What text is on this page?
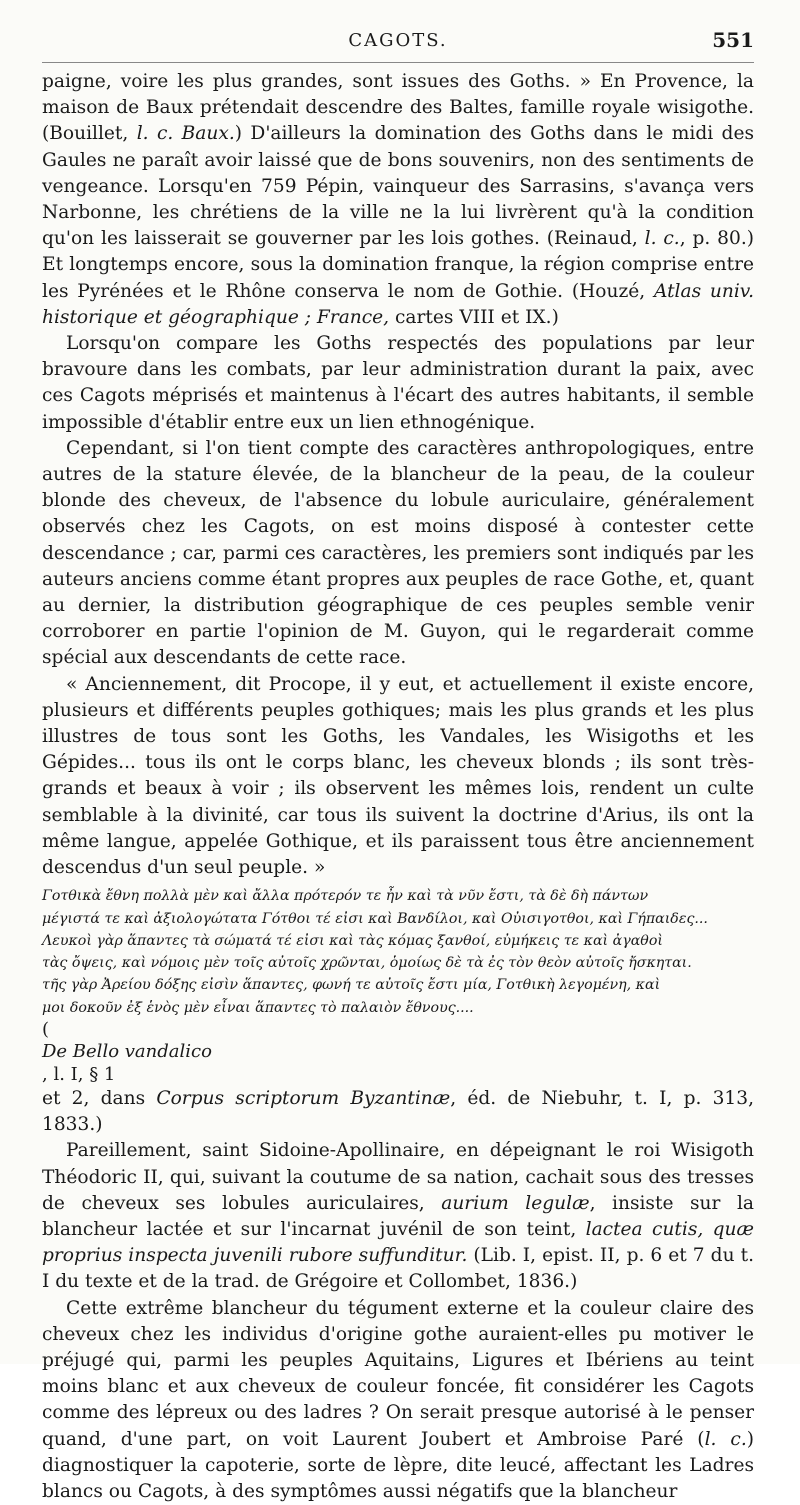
CAGOTS.	551

paigne, voire les plus grandes, sont issues des Goths. » En Provence, la maison de Baux prétendait descendre des Baltes, famille royale wisigothe. (Bouillet, l. c. Baux.) D'ailleurs la domination des Goths dans le midi des Gaules ne paraît avoir laissé que de bons souvenirs, non des sentiments de vengeance. Lorsqu'en 759 Pépin, vainqueur des Sarrasins, s'avança vers Narbonne, les chrétiens de la ville ne la lui livrèrent qu'à la condition qu'on les laisserait se gouverner par les lois gothes. (Reinaud, l. c., p. 80.) Et longtemps encore, sous la domination franque, la région comprise entre les Pyrénées et le Rhône conserva le nom de Gothie. (Houzé, Atlas univ. historique et géographique ; France, cartes VIII et IX.)

Lorsqu'on compare les Goths respectés des populations par leur bravoure dans les combats, par leur administration durant la paix, avec ces Cagots méprisés et maintenus à l'écart des autres habitants, il semble impossible d'établir entre eux un lien ethnogénique.

Cependant, si l'on tient compte des caractères anthropologiques, entre autres de la stature élevée, de la blancheur de la peau, de la couleur blonde des cheveux, de l'absence du lobule auriculaire, généralement observés chez les Cagots, on est moins disposé à contester cette descendance ; car, parmi ces caractères, les premiers sont indiqués par les auteurs anciens comme étant propres aux peuples de race Gothe, et, quant au dernier, la distribution géographique de ces peuples semble venir corroborer en partie l'opinion de M. Guyon, qui le regarderait comme spécial aux descendants de cette race.

« Anciennement, dit Procope, il y eut, et actuellement il existe encore, plusieurs et différents peuples gothiques; mais les plus grands et les plus illustres de tous sont les Goths, les Vandales, les Wisigoths et les Gépides... tous ils ont le corps blanc, les cheveux blonds ; ils sont très-grands et beaux à voir ; ils observent les mêmes lois, rendent un culte semblable à la divinité, car tous ils suivent la doctrine d'Arius, ils ont la même langue, appelée Gothique, et ils paraissent tous être anciennement descendus d'un seul peuple. »

Γοτθικὰ ἔθνη πολλὰ μὲν καὶ ἄλλα πρότερόν τε ἦν καὶ τὰ νῦν ἔστι, τὰ δὲ δὴ πάντων
μέγιστά τε καὶ ἀξιολογώτατα Γότθοι τέ εἰσι καὶ Βανδίλοι, καὶ Οὐισιγοτθοι, καὶ Γήπαιδες...
Λευκοὶ γὰρ ἅπαντες τὰ σώματά τέ εἰσι καὶ τὰς κόμας ξανθοί, εὐμήκεις τε καὶ ἀγαθοὶ
τὰς ὄψεις, καὶ νόμοις μὲν τοῖς αὐτοῖς χρῶνται, ὁμοίως δὲ τὰ ἐς τὸν θεὸν αὐτοῖς ἤσκηται.
τῆς γὰρ Ἀρείου δόξης εἰσὶν ἅπαντες, φωνή τε αὐτοῖς ἔστι μία, Γοτθικὴ λεγομένη, καὶ
μοι δοκοῦν ἐξ ἑνὸς μὲν εἶναι ἅπαντες τὸ παλαιὸν ἔθνους....
(
De Bello vandalico
, l. I, § 1

et 2, dans Corpus scriptorum Byzantinæ, éd. de Niebuhr, t. I, p. 313, 1833.)

Pareillement, saint Sidoine-Apollinaire, en dépeignant le roi Wisigoth Théodoric II, qui, suivant la coutume de sa nation, cachait sous des tresses de cheveux ses lobules auriculaires, aurium legulæ, insiste sur la blancheur lactée et sur l'incarnat juvénil de son teint, lactea cutis, quæ proprius inspecta juvenili rubore suffunditur. (Lib. I, epist. II, p. 6 et 7 du t. I du texte et de la trad. de Grégoire et Collombet, 1836.)

Cette extrême blancheur du tégument externe et la couleur claire des cheveux chez les individus d'origine gothe auraient-elles pu motiver le préjugé qui, parmi les peuples Aquitains, Ligures et Ibériens au teint moins blanc et aux cheveux de couleur foncée, fit considérer les Cagots comme des lépreux ou des ladres ? On serait presque autorisé à le penser quand, d'une part, on voit Laurent Joubert et Ambroise Paré (l. c.) diagnostiquer la capoterie, sorte de lèpre, dite leucé, affectant les Ladres blancs ou Cagots, à des symptômes aussi négatifs que la blancheur
